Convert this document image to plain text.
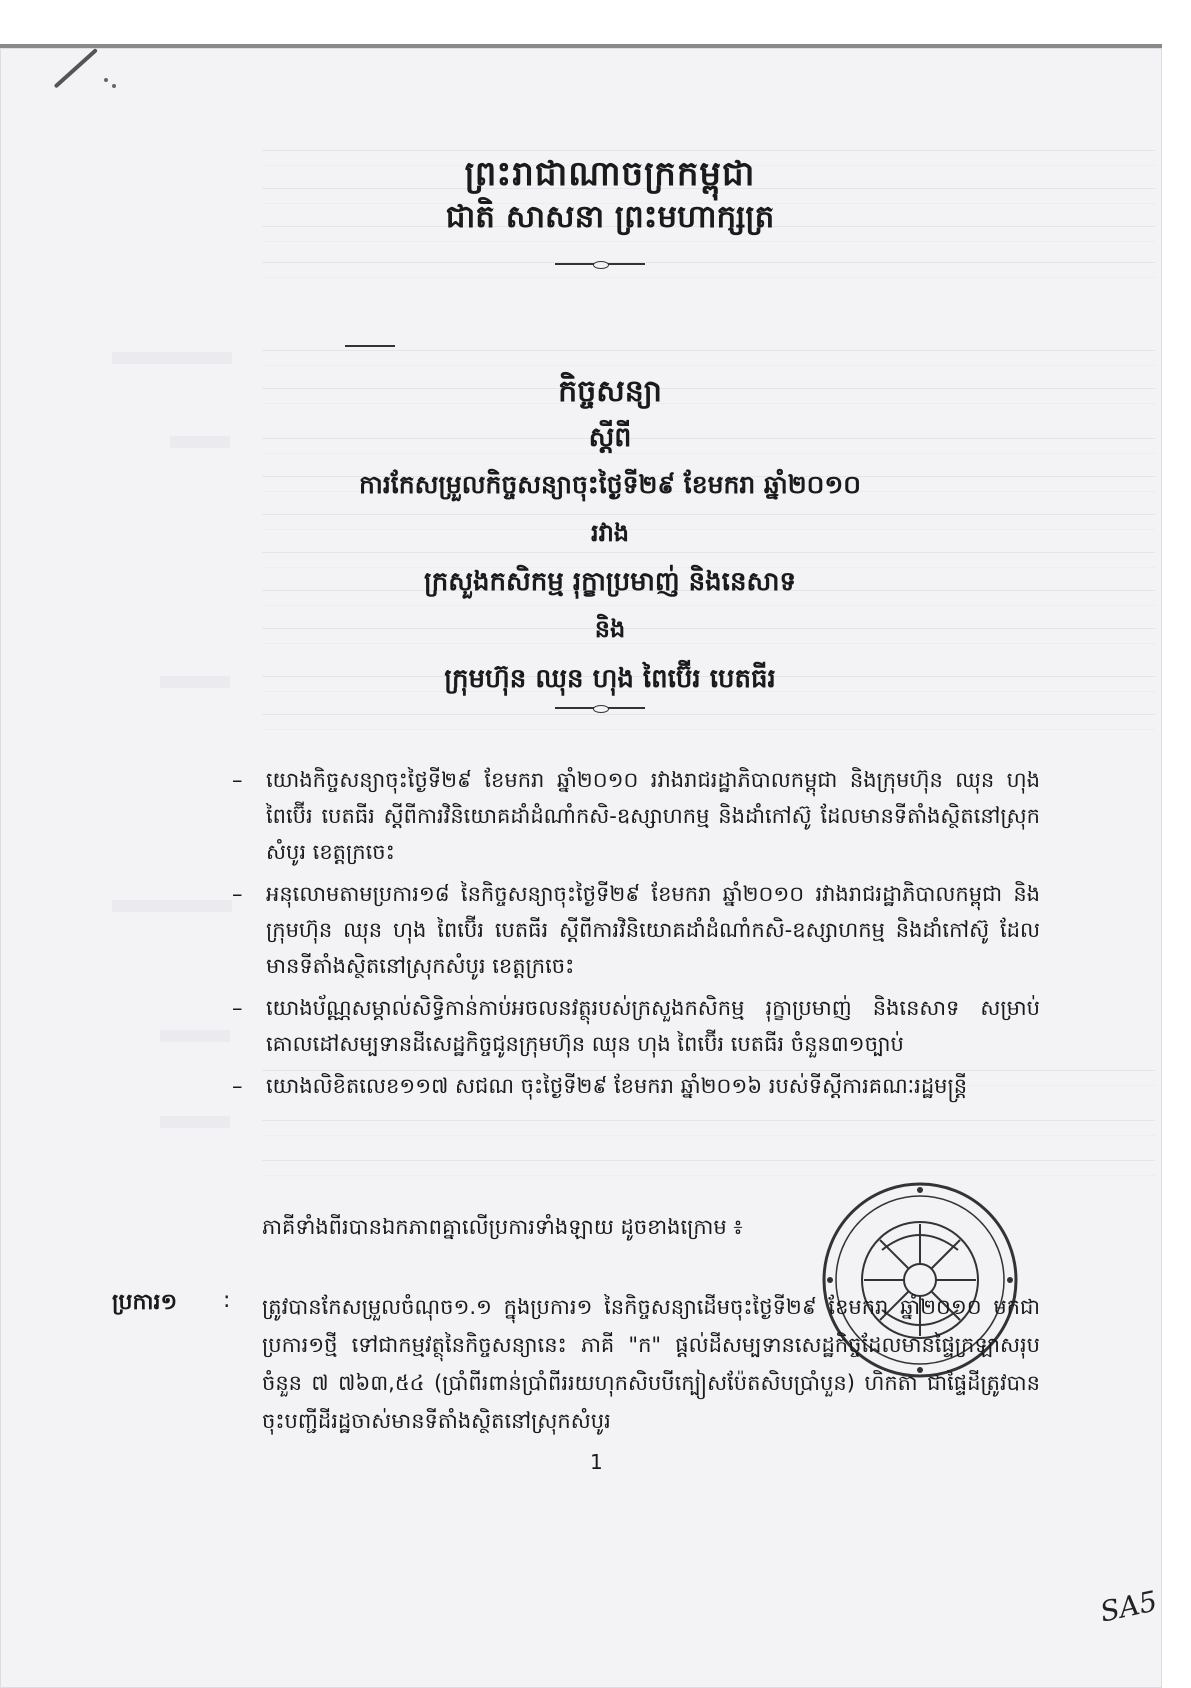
ព្រះរាជាណាចក្រកម្ពុជា
ជាតិ សាសនា ព្រះមហាក្សត្រ
កិច្ចសន្យា
ស្តីពី
ការកែសម្រួលកិច្ចសន្យាចុះថ្ងៃទី២៩ ខែមករា ឆ្នាំ២០១០
រវាង
ក្រសួងកសិកម្ម រុក្ខាប្រមាញ់ និងនេសាទ
និង
ក្រុមហ៊ុន ឈុន ហុង ពៃប៊ើរ បេតធីរ
–	យោងកិច្ចសន្យាចុះថ្ងៃទី២៩ ខែមករា ឆ្នាំ២០១០ រវាងរាជរដ្ឋាភិបាលកម្ពុជា និងក្រុមហ៊ុន ឈុន ហុង ពៃប៊ើរ បេតធីរ ស្តីពីការវិនិយោគដាំដំណាំកសិ-ឧស្សាហកម្ម និងដាំកៅស៊ូ ដែលមានទីតាំងស្ថិតនៅស្រុកសំបូរ ខេត្តក្រចេះ
–	អនុលោមតាមប្រការ១៨ នៃកិច្ចសន្យាចុះថ្ងៃទី២៩ ខែមករា ឆ្នាំ២០១០ រវាងរាជរដ្ឋាភិបាលកម្ពុជា និងក្រុមហ៊ុន ឈុន ហុង ពៃប៊ើរ បេតធីរ ស្តីពីការវិនិយោគដាំដំណាំកសិ-ឧស្សាហកម្ម និងដាំកៅស៊ូ ដែលមានទីតាំងស្ថិតនៅស្រុកសំបូរ ខេត្តក្រចេះ
–	យោងប័ណ្ណសម្គាល់សិទ្ធិកាន់កាប់អចលនវត្ថុរបស់ក្រសួងកសិកម្ម រុក្ខាប្រមាញ់ និងនេសាទ សម្រាប់គោលដៅសម្បទានដីសេដ្ឋកិច្ចជូនក្រុមហ៊ុន ឈុន ហុង ពៃប៊ើរ បេតធីរ ចំនួន៣១ច្បាប់
–	យោងលិខិតលេខ១១៧ សជណ ចុះថ្ងៃទី២៩ ខែមករា ឆ្នាំ២០១៦ របស់ទីស្តីការគណៈរដ្ឋមន្ត្រី
ភាគីទាំងពីរបានឯកភាពគ្នាលើប្រការទាំងឡាយ ដូចខាងក្រោម ៖
ប្រការ១ : ត្រូវបានកែសម្រួលចំណុច១.១ ក្នុងប្រការ១ នៃកិច្ចសន្យាដើមចុះថ្ងៃទី២៩ ខែមករា ឆ្នាំ២០១០ មកជាប្រការ១ថ្មី ទៅជាកម្មវត្ថុនៃកិច្ចសន្យានេះ ភាគី "ក" ផ្តល់ដីសម្បទានសេដ្ឋកិច្ចដែលមានផ្ទៃក្រឡាសរុបចំនួន ៧ ៧៦៣,៥៤ (ប្រាំពីរពាន់ប្រាំពីររយហុកសិបបីក្បៀសប៉ែតសិបប្រាំបួន) ហិកតា ជាផ្ទៃដីត្រូវបានចុះបញ្ជីដីរដ្ឋចាស់មានទីតាំងស្ថិតនៅស្រុកសំបូរ
1
SA5
